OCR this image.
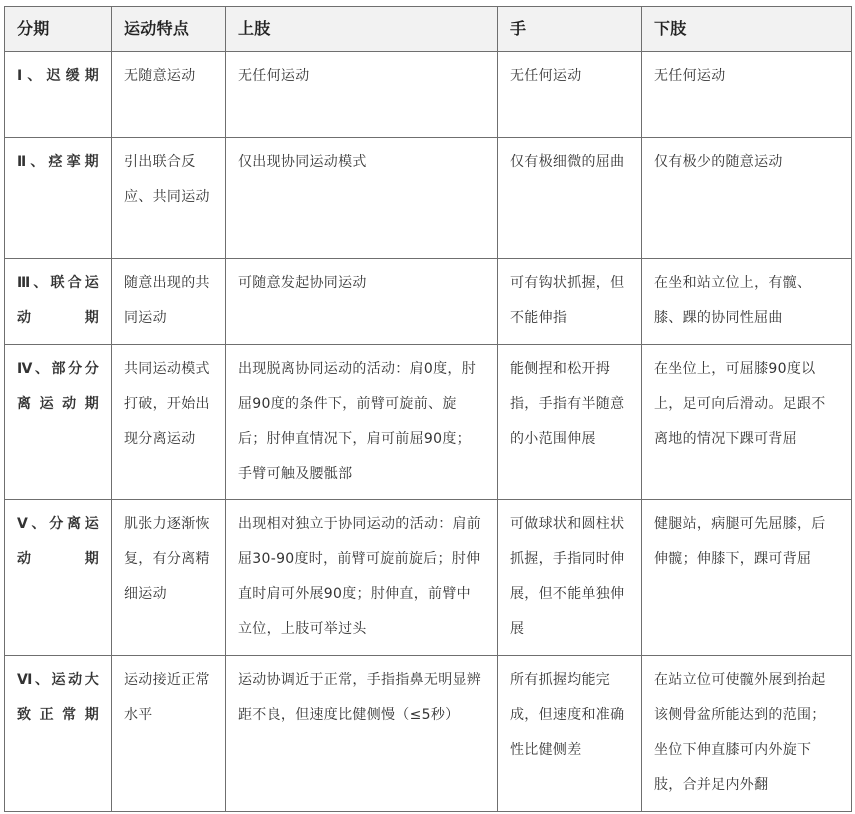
分期	运动特点	上肢	手	下肢
Ⅰ、迟缓期	无随意运动	无任何运动	无任何运动	无任何运动
Ⅱ、痉挛期	引出联合反应、共同运动	仅出现协同运动模式	仅有极细微的屈曲	仅有极少的随意运动
Ⅲ、联合运动期	随意出现的共同运动	可随意发起协同运动	可有钩状抓握，但不能伸指	在坐和站立位上，有髋、膝、踝的协同性屈曲
Ⅳ、部分分离运动期	共同运动模式打破，开始出现分离运动	出现脱离协同运动的活动：肩0度，肘屈90度的条件下，前臂可旋前、旋后；肘伸直情况下，肩可前屈90度；手臂可触及腰骶部	能侧捏和松开拇指，手指有半随意的小范围伸展	在坐位上，可屈膝90度以上，足可向后滑动。足跟不离地的情况下踝可背屈
Ⅴ、分离运动期	肌张力逐渐恢复，有分离精细运动	出现相对独立于协同运动的活动：肩前屈30-90度时，前臂可旋前旋后；肘伸直时肩可外展90度；肘伸直，前臂中立位，上肢可举过头	可做球状和圆柱状抓握，手指同时伸展，但不能单独伸展	健腿站，病腿可先屈膝，后伸髋；伸膝下，踝可背屈
Ⅵ、运动大致正常期	运动接近正常水平	运动协调近于正常，手指指鼻无明显辨距不良，但速度比健侧慢（≤5秒）	所有抓握均能完成，但速度和准确性比健侧差	在站立位可使髋外展到抬起该侧骨盆所能达到的范围；坐位下伸直膝可内外旋下肢，合并足内外翻
